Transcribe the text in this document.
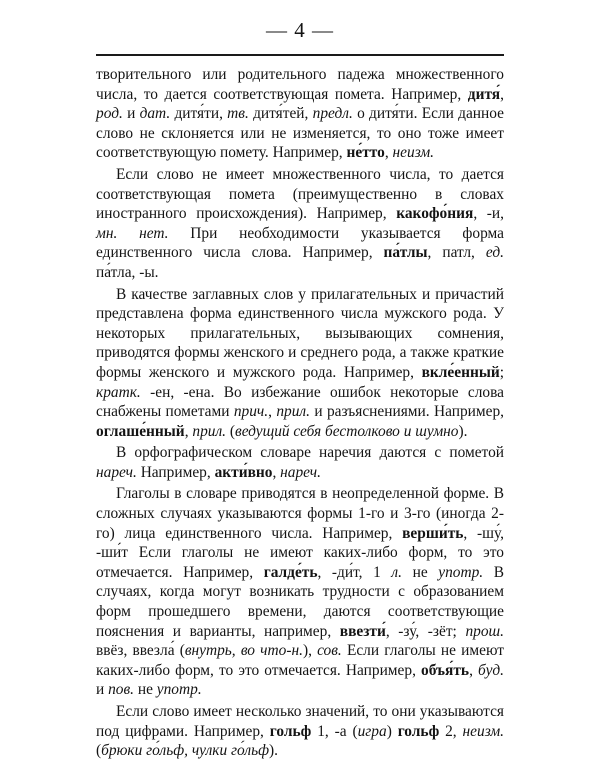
— 4 —

творительного или родительного падежа множественного числа, то дается соответствующая помета. Например, дитя́, род. и дат. дитя́ти, тв. дитя́тей, предл. о дитя́ти. Если данное слово не склоняется или не изменяется, то оно тоже имеет соответствующую помету. Например, не́тто, неизм.

Если слово не имеет множественного числа, то дается соответствующая помета (преимущественно в словах иностранного происхождения). Например, какофо́ния, -и, мн. нет. При необходимости указывается форма единственного числа слова. Например, па́тлы, патл, ед. па́тла, -ы.

В качестве заглавных слов у прилагательных и причастий представлена форма единственного числа мужского рода. У некоторых прилагательных, вызывающих сомнения, приводятся формы женского и среднего рода, а также краткие формы женского и мужского рода. Например, вкле́енный; кратк. -ен, -ена. Во избежание ошибок некоторые слова снабжены пометами прич., прил. и разъяснениями. Например, оглаше́нный, прил. (ведущий себя бестолково и шумно).

В орфографическом словаре наречия даются с пометой нареч. Например, акти́вно, нареч.

Глаголы в словаре приводятся в неопределенной форме. В сложных случаях указываются формы 1-го и 3-го (иногда 2-го) лица единственного числа. Например, верши́ть, -шу́, -ши́т Если глаголы не имеют каких-либо форм, то это отмечается. Например, галде́ть, -ди́т, 1 л. не употр. В случаях, когда могут возникать трудности с образованием форм прошедшего времени, даются соответствующие пояснения и варианты, например, ввезти́, -зу́, -зёт; прош. ввёз, ввезла́ (внутрь, во что-н.), сов. Если глаголы не имеют каких-либо форм, то это отмечается. Например, объя́ть, буд. и пов. не употр.

Если слово имеет несколько значений, то они указываются под цифрами. Например, гольф 1, -а (игра) гольф 2, неизм. (брюки го́льф, чулки го́льф).
